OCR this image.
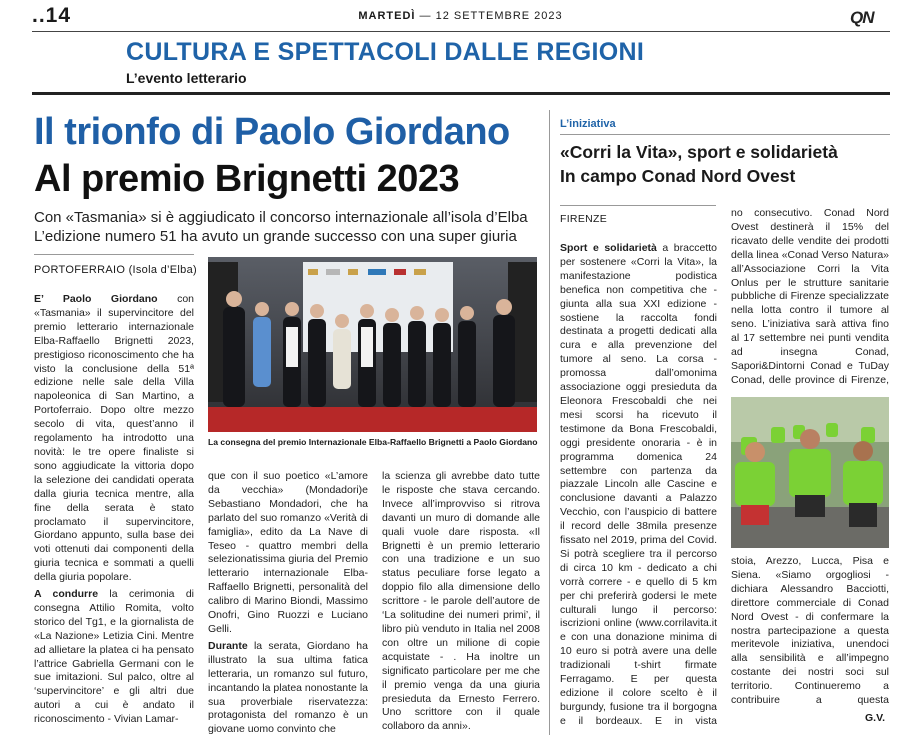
..14	MARTEDÌ — 12 SETTEMBRE 2023	QN
CULTURA E SPETTACOLI DALLE REGIONI
L’evento letterario
Il trionfo di Paolo Giordano
Al premio Brignetti 2023
Con «Tasmania» si è aggiudicato il concorso internazionale all’isola d’Elba
L’edizione numero 51 ha avuto un grande successo con una super giuria
PORTOFERRAIO (Isola d’Elba)

E’ Paolo Giordano con «Tasmania» il supervincitore del premio letterario internazionale Elba-Raffaello Brignetti 2023, prestigioso riconoscimento che ha visto la conclusione della 51ª edizione nelle sale della Villa napoleonica di San Martino, a Portoferraio. Dopo oltre mezzo secolo di vita, quest’anno il regolamento ha introdotto una novità: le tre opere finaliste si sono aggiudicate la vittoria dopo la selezione dei candidati operata dalla giuria tecnica mentre, alla fine della serata è stato proclamato il supervincitore, Giordano appunto, sulla base dei voti ottenuti dai componenti della giuria tecnica e sommati a quelli della giuria popolare.

A condurre la cerimonia di consegna Attilio Romita, volto storico del Tg1, e la giornalista de «La Nazione» Letizia Cini. Mentre ad allietare la platea ci ha pensato l’attrice Gabriella Germani con le sue imitazioni. Sul palco, oltre al ‘supervincitore’ e gli altri due autori a cui è andato il riconoscimento - Vivian Lamar-

La consegna del premio Internazionale Elba-Raffaello Brignetti a Paolo Giordano

que con il suo poetico «L’amore da vecchia» (Mondadori)e Sebastiano Mondadori, che ha parlato del suo romanzo «Verità di famiglia», edito da La Nave di Teseo - quattro membri della selezionatissima giuria del Premio letterario internazionale Elba-Raffaello Brignetti, personalità del calibro di Marino Biondi, Massimo Onofri, Gino Ruozzi e Luciano Gelli.

Durante la serata, Giordano ha illustrato la sua ultima fatica letteraria, un romanzo sul futuro, incantando la platea nonostante la sua proverbiale riservatezza: protagonista del romanzo è un giovane uomo convinto che

la scienza gli avrebbe dato tutte le risposte che stava cercando. Invece all’improvviso si ritrova davanti un muro di domande alle quali vuole dare risposta. «Il Brignetti è un premio letterario con una tradizione e un suo status peculiare forse legato a doppio filo alla dimensione dello scrittore - le parole dell’autore de ‘La solitudine dei numeri primi’, il libro più venduto in Italia nel 2008 con oltre un milione di copie acquistate - . Ha inoltre un significato particolare per me che il premio venga da una giuria presieduta da Ernesto Ferrero. Uno scrittore con il quale collaboro da anni».

L’iniziativa
«Corri la Vita», sport e solidarietà
In campo Conad Nord Ovest
FIRENZE

Sport e solidarietà a braccetto per sostenere «Corri la Vita», la manifestazione podistica benefica non competitiva che - giunta alla sua XXI edizione - sostiene la raccolta fondi destinata a progetti dedicati alla cura e alla prevenzione del tumore al seno. La corsa - promossa dall’omonima associazione oggi presieduta da Eleonora Frescobaldi che nei mesi scorsi ha ricevuto il testimone da Bona Frescobaldi, oggi presidente onoraria - è in programma domenica 24 settembre con partenza da piazzale Lincoln alle Cascine e conclusione davanti a Palazzo Vecchio, con l’auspicio di battere il record delle 38mila presenze fissato nel 2019, prima del Covid. Si potrà scegliere tra il percorso di circa 10 km - dedicato a chi vorrà correre - e quello di 5 km per chi preferirà godersi le mete culturali lungo il percorso: iscrizioni online (www.corrilavita.it e con una donazione minima di 10 euro si potrà avere una delle tradizionali t-shirt firmate Ferragamo. E per questa edizione il colore scelto è il burgundy, fusione tra il borgogna e il bordeaux. E in vista

no consecutivo. Conad Nord Ovest destinerà il 15% del ricavato delle vendite dei prodotti della linea «Conad Verso Natura» all’Associazione Corri la Vita Onlus per le strutture sanitarie pubbliche di Firenze specializzate nella lotta contro il tumore al seno. L’iniziativa sarà attiva fino al 17 settembre nei punti vendita ad insegna Conad, Sapori&Dintorni Conad e TuDay Conad, delle province di Firenze,

stoia, Arezzo, Lucca, Pisa e Siena. «Siamo orgogliosi - dichiara Alessandro Bacciotti, direttore commerciale di Conad Nord Ovest - di confermare la nostra partecipazione a questa meritevole iniziativa, unendoci alla sensibilità e all’impegno costante dei nostri soci sul territorio. Continueremo a contribuire a questa

G.V.
